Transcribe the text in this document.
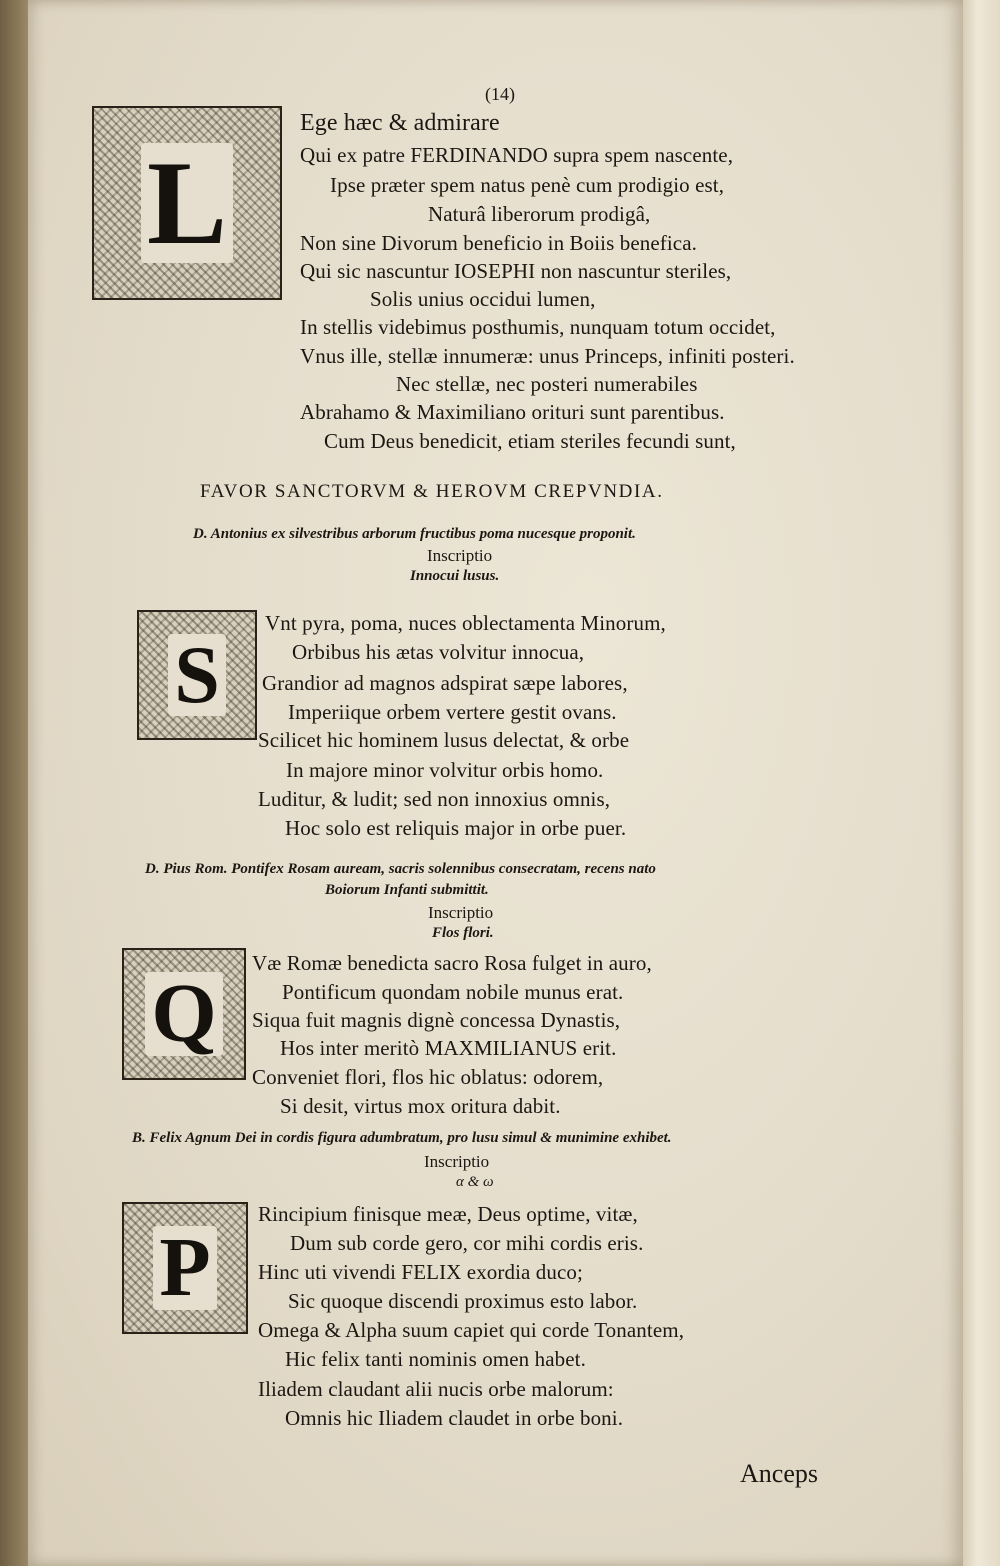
(14)
L
Ege hæc & admirare
Qui ex patre FERDINANDO supra spem nascente,
Ipse præter spem natus penè cum prodigio est,
Naturâ liberorum prodigâ,
Non sine Divorum beneficio in Boiis benefica.
Qui sic nascuntur IOSEPHI non nascuntur steriles,
Solis unius occidui lumen,
In stellis videbimus posthumis, nunquam totum occidet,
Vnus ille, stellæ innumeræ: unus Princeps, infiniti posteri.
Nec stellæ, nec posteri numerabiles
Abrahamo & Maximiliano orituri sunt parentibus.
Cum Deus benedicit, etiam steriles fecundi sunt,
FAVOR SANCTORVM & HEROVM CREPVNDIA.
D. Antonius ex silvestribus arborum fructibus poma nucesque proponit.
Inscriptio
Innocui lusus.
S
Vnt pyra, poma, nuces oblectamenta Minorum,
Orbibus his ætas volvitur innocua,
Grandior ad magnos adspirat sæpe labores,
Imperiique orbem vertere gestit ovans.
Scilicet hic hominem lusus delectat, & orbe
In majore minor volvitur orbis homo.
Luditur, & ludit; sed non innoxius omnis,
Hoc solo est reliquis major in orbe puer.
D. Pius Rom. Pontifex Rosam auream, sacris solennibus consecratam, recens nato
Boiorum Infanti submittit.
Inscriptio
Flos flori.
Q
Væ Romæ benedicta sacro Rosa fulget in auro,
Pontificum quondam nobile munus erat.
Siqua fuit magnis dignè concessa Dynastis,
Hos inter meritò MAXMILIANUS erit.
Conveniet flori, flos hic oblatus: odorem,
Si desit, virtus mox oritura dabit.
B. Felix Agnum Dei in cordis figura adumbratum, pro lusu simul & munimine exhibet.
Inscriptio
α & ω
P
Rincipium finisque meæ, Deus optime, vitæ,
Dum sub corde gero, cor mihi cordis eris.
Hinc uti vivendi FELIX exordia duco;
Sic quoque discendi proximus esto labor.
Omega & Alpha suum capiet qui corde Tonantem,
Hic felix tanti nominis omen habet.
Iliadem claudant alii nucis orbe malorum:
Omnis hic Iliadem claudet in orbe boni.
Anceps
